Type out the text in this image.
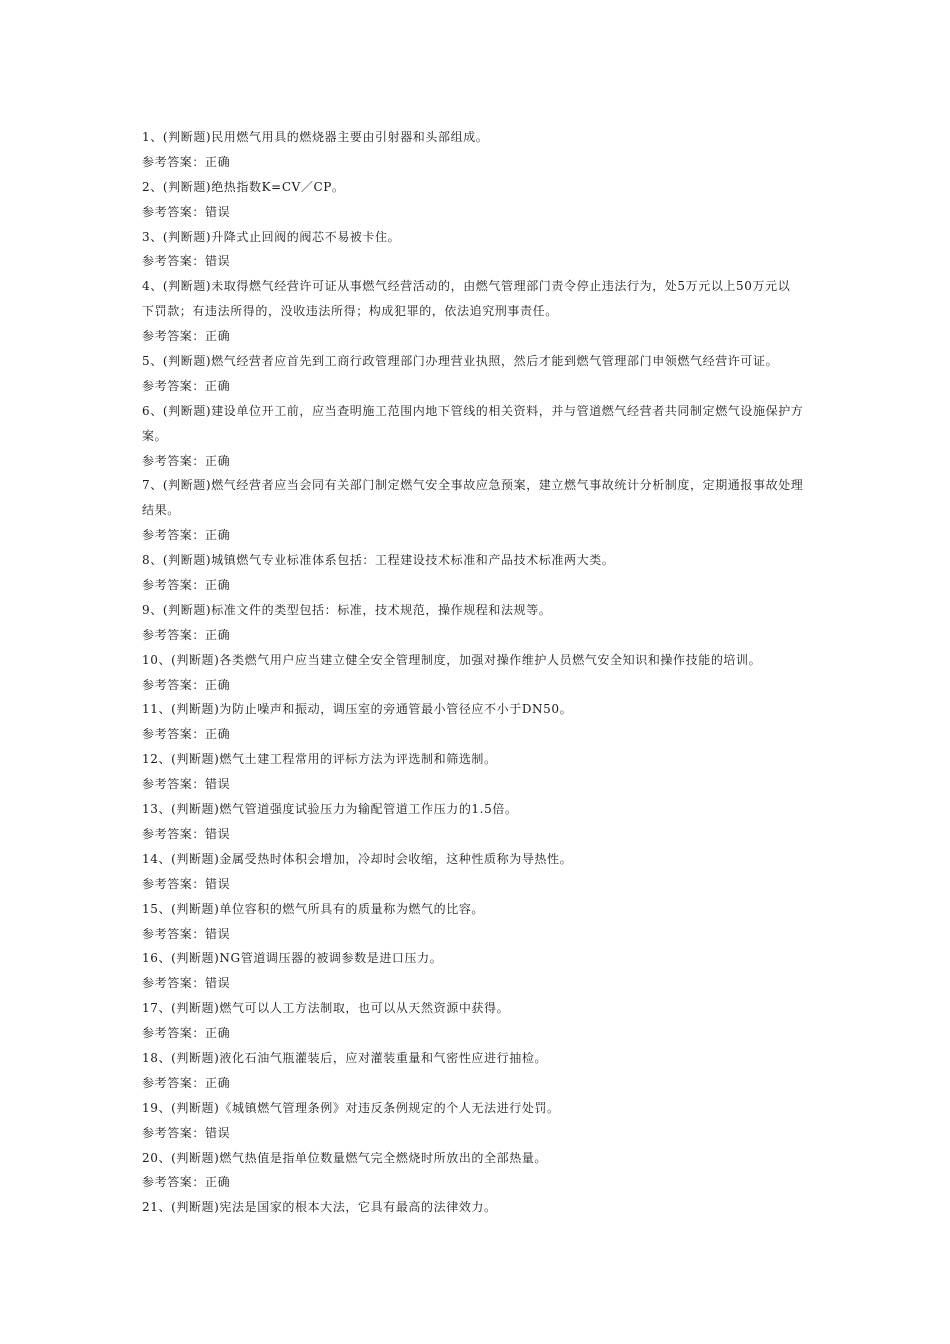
1、(判断题)民用燃气用具的燃烧器主要由引射器和头部组成。
参考答案：正确
2、(判断题)绝热指数K=CV／CP。
参考答案：错误
3、(判断题)升降式止回阀的阀芯不易被卡住。
参考答案：错误
4、(判断题)未取得燃气经营许可证从事燃气经营活动的，由燃气管理部门责令停止违法行为，处5万元以上50万元以
下罚款；有违法所得的，没收违法所得；构成犯罪的，依法追究刑事责任。
参考答案：正确
5、(判断题)燃气经营者应首先到工商行政管理部门办理营业执照，然后才能到燃气管理部门申领燃气经营许可证。
参考答案：正确
6、(判断题)建设单位开工前，应当查明施工范围内地下管线的相关资料，并与管道燃气经营者共同制定燃气设施保护方
案。
参考答案：正确
7、(判断题)燃气经营者应当会同有关部门制定燃气安全事故应急预案，建立燃气事故统计分析制度，定期通报事故处理
结果。
参考答案：正确
8、(判断题)城镇燃气专业标准体系包括：工程建设技术标准和产品技术标准两大类。
参考答案：正确
9、(判断题)标准文件的类型包括：标准，技术规范，操作规程和法规等。
参考答案：正确
10、(判断题)各类燃气用户应当建立健全安全管理制度，加强对操作维护人员燃气安全知识和操作技能的培训。
参考答案：正确
11、(判断题)为防止噪声和振动，调压室的旁通管最小管径应不小于DN50。
参考答案：正确
12、(判断题)燃气土建工程常用的评标方法为评选制和筛选制。
参考答案：错误
13、(判断题)燃气管道强度试验压力为输配管道工作压力的1.5倍。
参考答案：错误
14、(判断题)金属受热时体积会增加，冷却时会收缩，这种性质称为导热性。
参考答案：错误
15、(判断题)单位容积的燃气所具有的质量称为燃气的比容。
参考答案：错误
16、(判断题)NG管道调压器的被调参数是进口压力。
参考答案：错误
17、(判断题)燃气可以人工方法制取，也可以从天然资源中获得。
参考答案：正确
18、(判断题)液化石油气瓶灌装后，应对灌装重量和气密性应进行抽检。
参考答案：正确
19、(判断题)《城镇燃气管理条例》对违反条例规定的个人无法进行处罚。
参考答案：错误
20、(判断题)燃气热值是指单位数量燃气完全燃烧时所放出的全部热量。
参考答案：正确
21、(判断题)宪法是国家的根本大法，它具有最高的法律效力。
